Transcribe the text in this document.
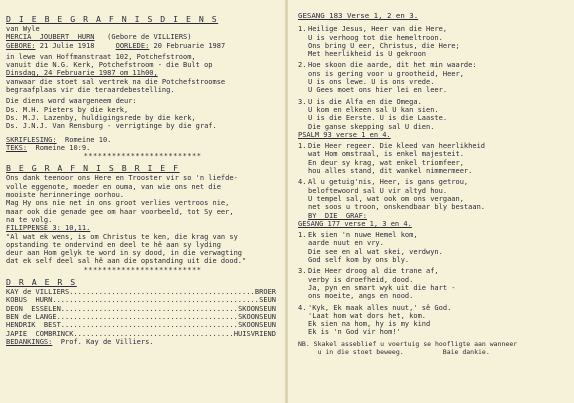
D I E B E G R A F N I S D I E N S
van Wyle
MERCIA  JOUBERT  HURN (Gebore de VILLIERS)
GEBORE: 21 Julie 1918	OORLEDE: 20 Februarie 1987
in lewe van Hoffmanstraat 102, Potchefstroom,
vanuit die N.G. Kerk, Potchefstroom - die Bult op
Dinsdag, 24 Februarie 1987 om 11h00,
vanwaar die stoet sal vertrek na die Potchefstroomse
begraafplaas vir die teraardebestelling.
Die diens word waargeneem deur:
Ds. M.H. Pieters by die kerk,
Ds. M.J. Lazenby, huldigingsrede by die kerk,
Ds. J.N.J. Van Rensburg - verrigtinge by die graf.
SKRIFLESING: Romeine 10.
TEKS: Romeine 10:9.
*************************
B E G R A F N I S B R I E F
Ons dank teenoor ons Here en Trooster vir so 'n liefde-
volle eggenote, moeder en ouma, van wie ons net die
mooiste herinneringe oorhou.
Mag Hy ons nie net in ons groot verlies vertroos nie,
maar ook die genade gee om haar voorbeeld, tot Sy eer,
na te volg.
FILIPPENSE 3: 10,11.
"Al wat ek wens, is om Christus te ken, die krag van sy
opstanding te ondervind en deel te hê aan sy lyding
deur aan Hom gelyk te word in sy dood, in die verwagting
dat ek self deel sal hê aan die opstanding uit die dood."
*************************
D R A E R S
KAY de VILLIERS .....	BROER
KOBUS  HURN .....	SEUN
DEON  ESSELEN .....	SKOONSEUN
BEN de LANGE .....	SKOONSEUN
HENDRIK  BEST .....	SKOONSEUN
JAPIE  COMBRINCK .....	HUISVRIEND
BEDANKINGS: Prof. Kay de Villiers.
GESANG 183 Verse 1, 2 en 3.
1. Heilige Jesus, Heer van die Here,
U is verhoog tot die hemeltroon.
Ons bring U eer, Christus, die Here;
Met heerlikheid is U gekroon
2. Hoe skoon die aarde, dit het min waarde:
ons is gering voor u grootheid, Heer,
U is ons lewe. U is ons vrede.
U Gees moet ons hier lei en leer.
3. U is die Alfa en die Omega.
U kom en elkeen sal U kan sien.
U is die Eerste. U is die Laaste.
Die ganse skepping sal U dien.
PSALM 93 verse 1 en 4.
1. Die Heer regeer. Die kleed van heerlikheid
wat Hom omstraal, is enkel majesteit.
En deur sy krag, wat enkel triomfeer,
hou alles stand, dit wankel nimmermeer.
4. Al u getuig'nis, Heer, is gans getrou,
beloftewoord sal U vir altyd hou.
U tempel sal, wat ook om ons vergaan,
net soos u troon, onskendbaar bly bestaan.
BY  DIE  GRAF:
GESANG 177 verse 1, 3 en 4.
1. Ek sien 'n nuwe Hemel kom,
aarde nuut en vry.
Die see en al wat skei, verdwyn.
God self kom by ons bly.
3. Die Heer droog al die trane af,
verby is droefheid, dood.
Ja, pyn en smart wyk uit die hart -
ons moeite, angs en nood.
4. 'Kyk, Ek maak alles nuut,' sê God.
'Laat hom wat dors het, kom.
Ek sien na hom, hy is my kind
Ek is 'n God vir hom!'
NB. Skakel asseblief u voertuig se hoofligte aan wanneer
u in die stoet beweeg.          Baie dankie.
